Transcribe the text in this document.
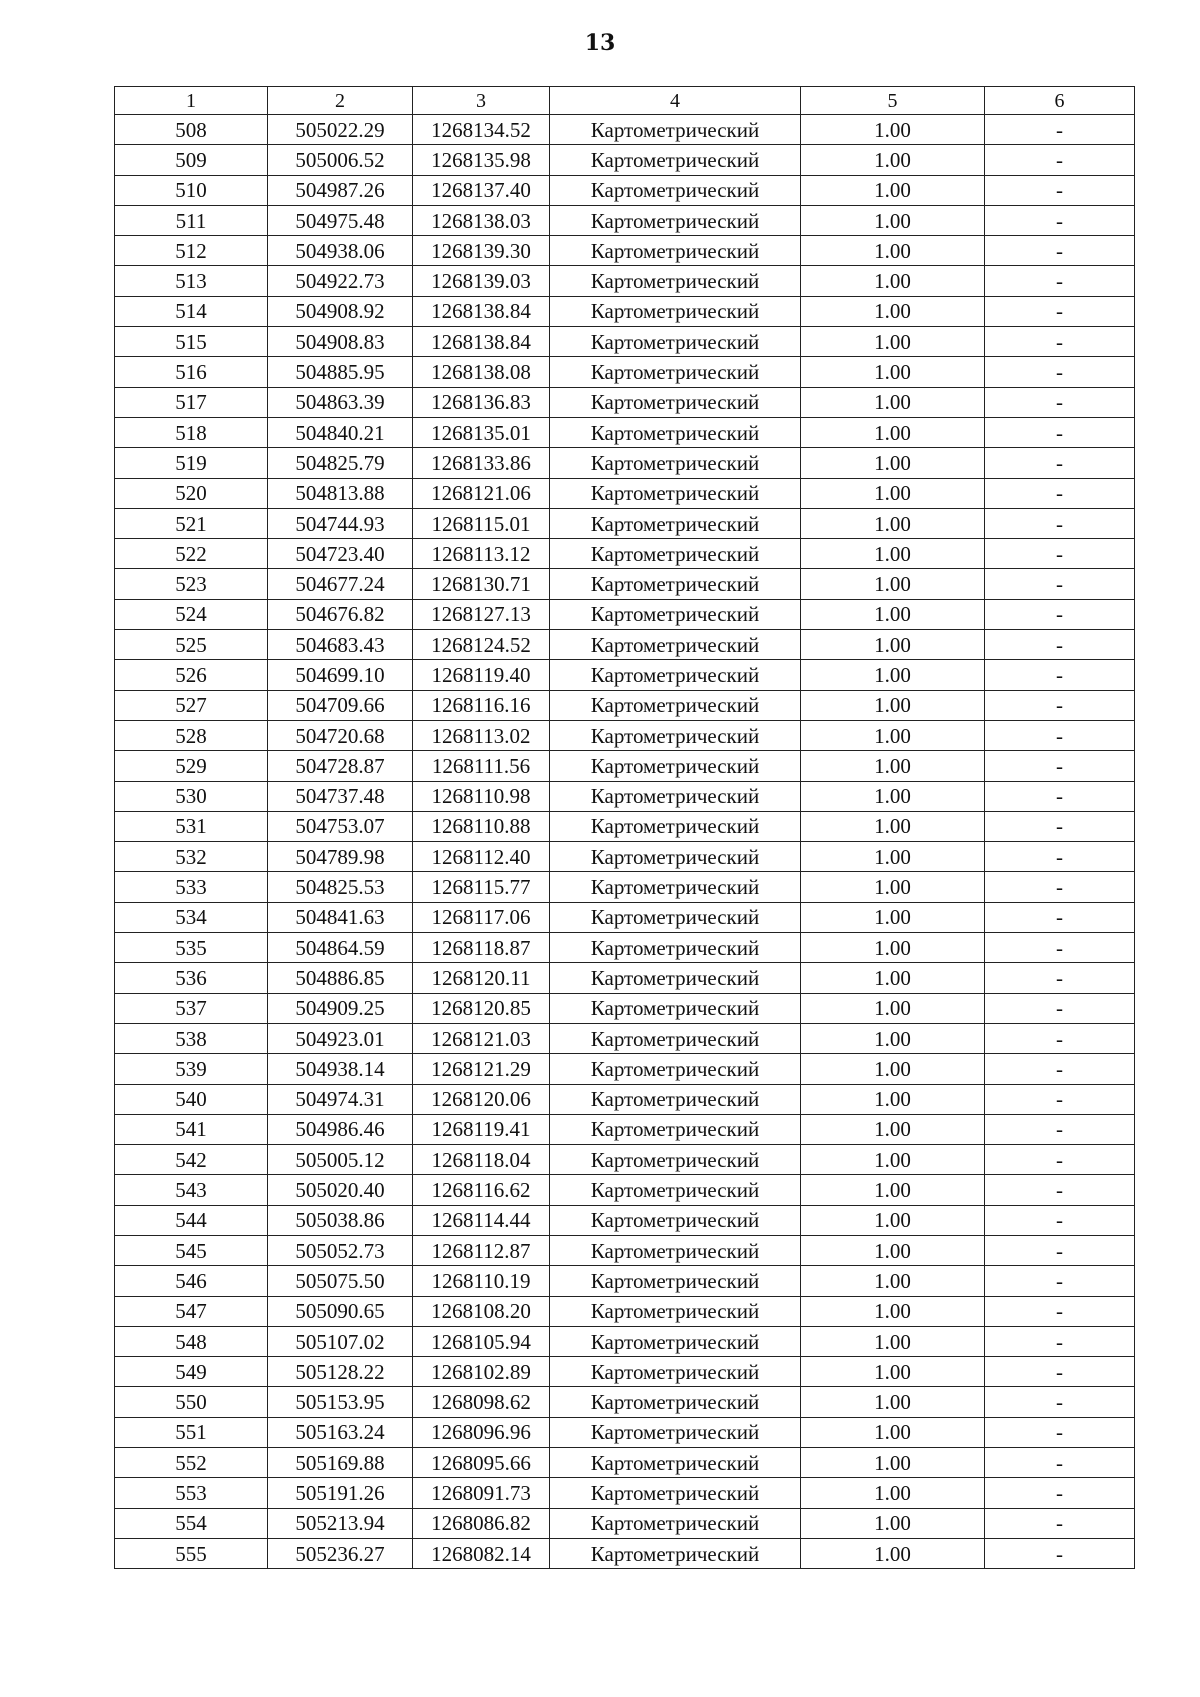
13
1	2	3	4	5	6
508	505022.29	1268134.52	Картометрический	1.00	-
509	505006.52	1268135.98	Картометрический	1.00	-
510	504987.26	1268137.40	Картометрический	1.00	-
511	504975.48	1268138.03	Картометрический	1.00	-
512	504938.06	1268139.30	Картометрический	1.00	-
513	504922.73	1268139.03	Картометрический	1.00	-
514	504908.92	1268138.84	Картометрический	1.00	-
515	504908.83	1268138.84	Картометрический	1.00	-
516	504885.95	1268138.08	Картометрический	1.00	-
517	504863.39	1268136.83	Картометрический	1.00	-
518	504840.21	1268135.01	Картометрический	1.00	-
519	504825.79	1268133.86	Картометрический	1.00	-
520	504813.88	1268121.06	Картометрический	1.00	-
521	504744.93	1268115.01	Картометрический	1.00	-
522	504723.40	1268113.12	Картометрический	1.00	-
523	504677.24	1268130.71	Картометрический	1.00	-
524	504676.82	1268127.13	Картометрический	1.00	-
525	504683.43	1268124.52	Картометрический	1.00	-
526	504699.10	1268119.40	Картометрический	1.00	-
527	504709.66	1268116.16	Картометрический	1.00	-
528	504720.68	1268113.02	Картометрический	1.00	-
529	504728.87	1268111.56	Картометрический	1.00	-
530	504737.48	1268110.98	Картометрический	1.00	-
531	504753.07	1268110.88	Картометрический	1.00	-
532	504789.98	1268112.40	Картометрический	1.00	-
533	504825.53	1268115.77	Картометрический	1.00	-
534	504841.63	1268117.06	Картометрический	1.00	-
535	504864.59	1268118.87	Картометрический	1.00	-
536	504886.85	1268120.11	Картометрический	1.00	-
537	504909.25	1268120.85	Картометрический	1.00	-
538	504923.01	1268121.03	Картометрический	1.00	-
539	504938.14	1268121.29	Картометрический	1.00	-
540	504974.31	1268120.06	Картометрический	1.00	-
541	504986.46	1268119.41	Картометрический	1.00	-
542	505005.12	1268118.04	Картометрический	1.00	-
543	505020.40	1268116.62	Картометрический	1.00	-
544	505038.86	1268114.44	Картометрический	1.00	-
545	505052.73	1268112.87	Картометрический	1.00	-
546	505075.50	1268110.19	Картометрический	1.00	-
547	505090.65	1268108.20	Картометрический	1.00	-
548	505107.02	1268105.94	Картометрический	1.00	-
549	505128.22	1268102.89	Картометрический	1.00	-
550	505153.95	1268098.62	Картометрический	1.00	-
551	505163.24	1268096.96	Картометрический	1.00	-
552	505169.88	1268095.66	Картометрический	1.00	-
553	505191.26	1268091.73	Картометрический	1.00	-
554	505213.94	1268086.82	Картометрический	1.00	-
555	505236.27	1268082.14	Картометрический	1.00	-
